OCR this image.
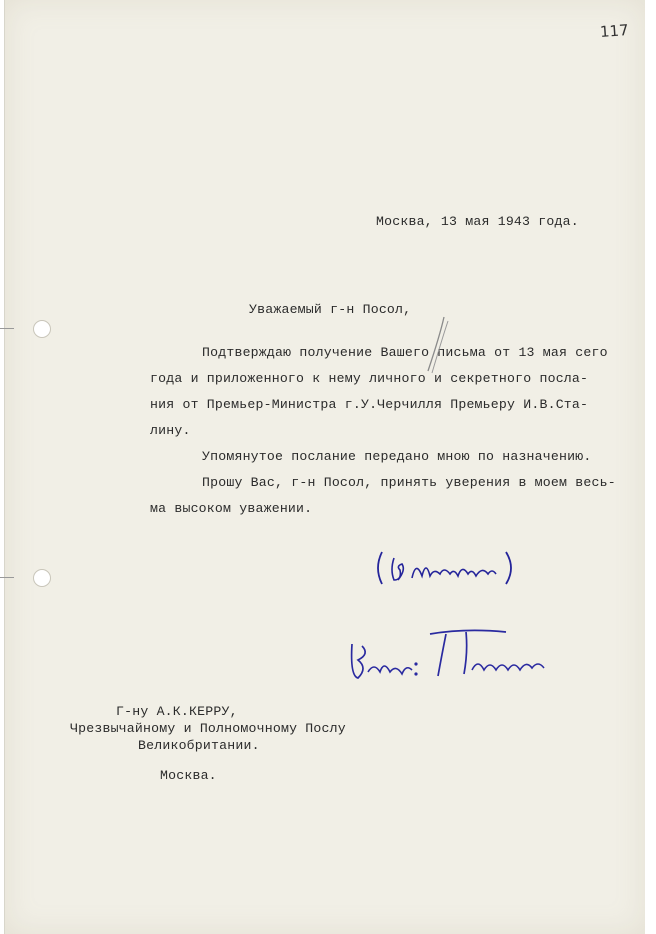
117
Москва, 13 мая 1943 года.
Уважаемый г-н Посол,
Подтверждаю получение Вашего письма от 13 мая сего
года и приложенного к нему личного и секретного посла-
ния от Премьер-Министра г.У.Черчилля Премьеру И.В.Ста-
лину.
Упомянутое послание передано мною по назначению.
Прошу Вас, г-н Посол, принять уверения в моем весь-
ма высоком уважении.
Г-ну А.К.КЕРРУ,
Чрезвычайному и Полномочному Послу
Великобритании.
Москва.
